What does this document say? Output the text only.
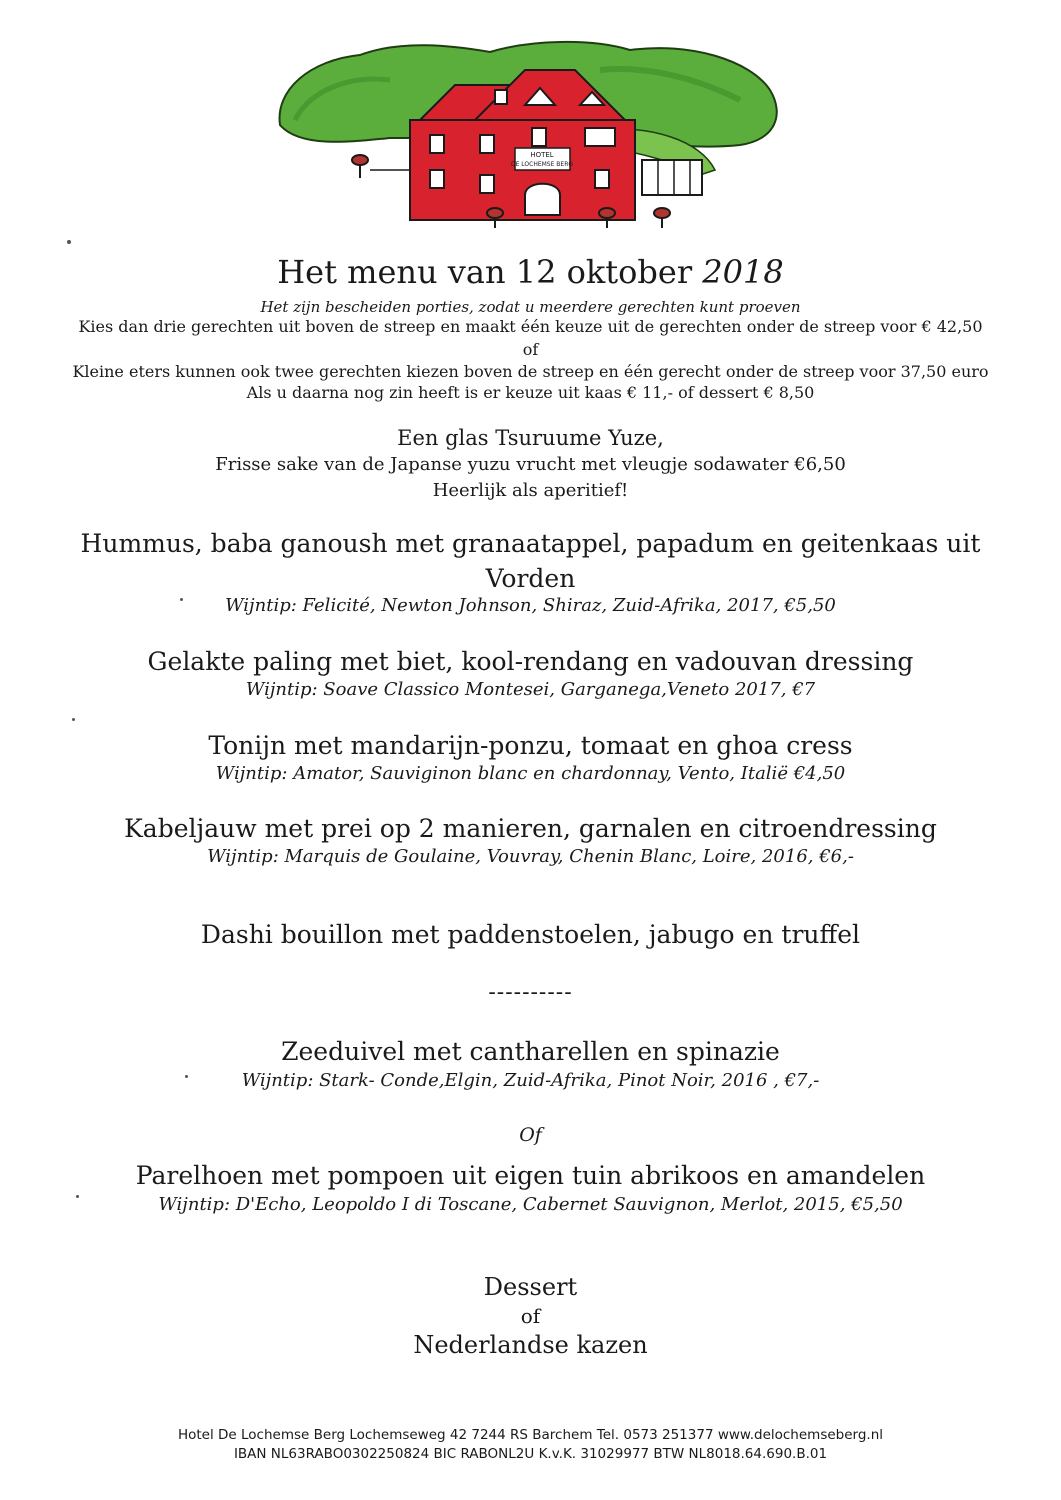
HOTEL
DE LOCHEMSE BERG
Het menu van 12 oktober 2018
Het zijn bescheiden porties, zodat u meerdere gerechten kunt proeven
Kies dan drie gerechten uit boven de streep en maakt één keuze uit de gerechten onder de streep voor € 42,50
of
Kleine eters kunnen ook twee gerechten kiezen boven de streep en één gerecht onder de streep voor 37,50 euro
Als u daarna nog zin heeft is er keuze uit kaas € 11,- of dessert € 8,50
Een glas Tsuruume Yuze,
Frisse sake van de Japanse yuzu vrucht met vleugje sodawater €6,50
Heerlijk als aperitief!
Hummus, baba ganoush met granaatappel, papadum en geitenkaas uit
Vorden
Wijntip: Felicité, Newton Johnson, Shiraz, Zuid-Afrika, 2017, €5,50
Gelakte paling met biet, kool-rendang en vadouvan dressing
Wijntip: Soave Classico Montesei, Garganega,Veneto 2017, €7
Tonijn met mandarijn-ponzu, tomaat en ghoa cress
Wijntip: Amator, Sauviginon blanc en chardonnay, Vento, Italië €4,50
Kabeljauw met prei op 2 manieren, garnalen en citroendressing
Wijntip: Marquis de Goulaine, Vouvray, Chenin Blanc, Loire, 2016, €6,-
Dashi bouillon met paddenstoelen, jabugo en truffel
----------
Zeeduivel met cantharellen en spinazie
Wijntip: Stark- Conde,Elgin, Zuid-Afrika, Pinot Noir, 2016 , €7,-
Of
Parelhoen met pompoen uit eigen tuin abrikoos en amandelen
Wijntip: D'Echo, Leopoldo I di Toscane, Cabernet Sauvignon, Merlot, 2015, €5,50
Dessert
of
Nederlandse kazen
Hotel De Lochemse Berg Lochemseweg 42 7244 RS Barchem Tel. 0573 251377 www.delochemseberg.nl
IBAN NL63RABO0302250824 BIC RABONL2U K.v.K. 31029977 BTW NL8018.64.690.B.01
